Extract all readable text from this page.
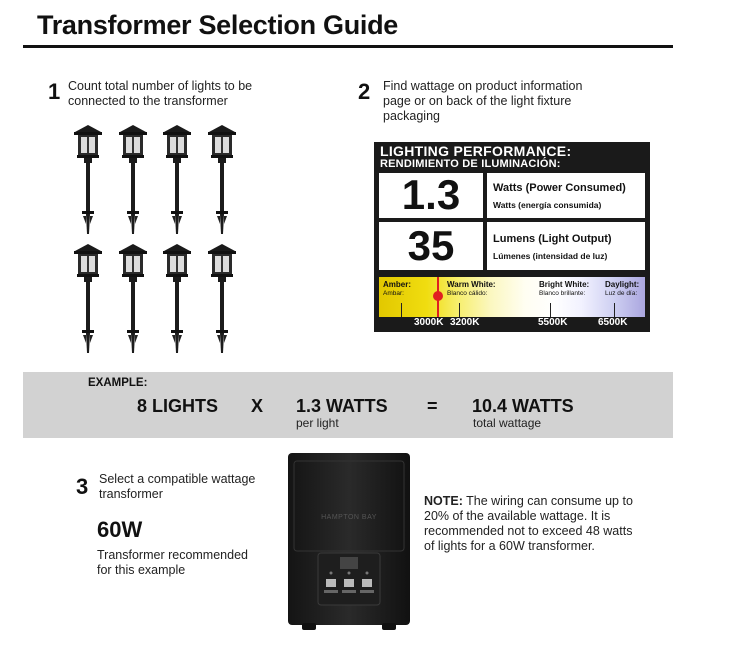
Transformer Selection Guide
1 Count total number of lights to be
connected to the transformer	2 Find wattage on product information
page or on back of the light fixture
packaging
LIGHTING PERFORMANCE:
RENDIMIENTO DE ILUMINACIÓN:
1.3	Watts (Power Consumed)
Watts (energía consumida)
35	Lumens (Light Output)
Lúmenes (intensidad de luz)
Amber:
Ambar:
Warm White:
Blanco cálido:
Bright White:
Blanco brillante:
Daylight:
Luz de día:
3000K 3200K	5500K	6500K
EXAMPLE:
8 LIGHTS X 1.3 WATTS
per light
= 10.4 WATTS
total wattage
3 Select a compatible wattage
transformer
60W
Transformer recommended
for this example
HAMPTON BAY
NOTE: The wiring can consume up to 20% of the available wattage. It is recommended not to exceed 48 watts of lights for a 60W transformer.
